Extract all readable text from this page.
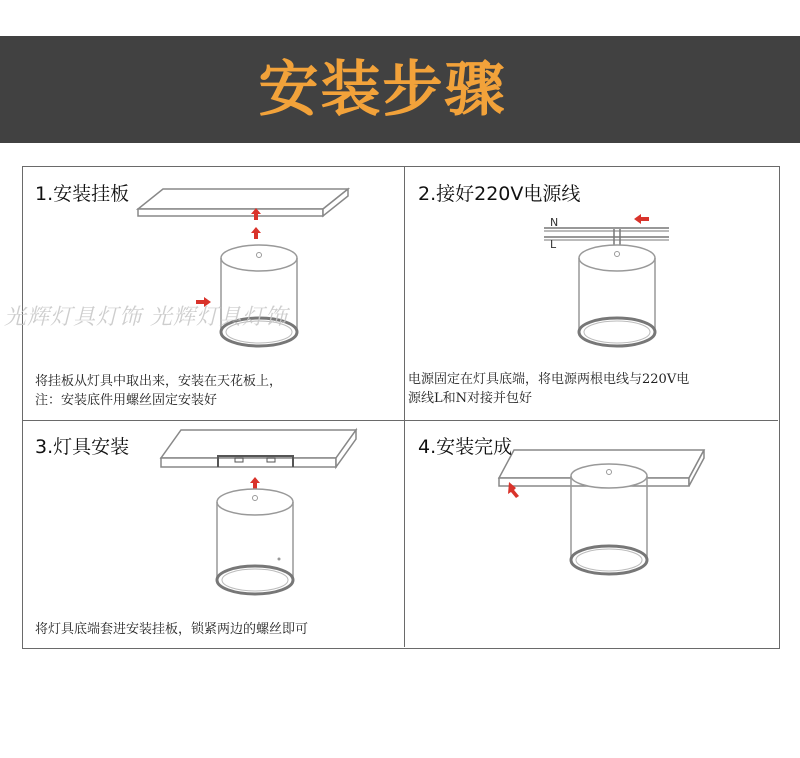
安装步骤
1.安装挂板
将挂板从灯具中取出来，安装在天花板上，
注：安装底件用螺丝固定安装好
N
L
2.接好220V电源线
电源固定在灯具底端，将电源两根电线与220V电
源线L和N对接并包好
3.灯具安装
将灯具底端套进安装挂板，锁紧两边的螺丝即可
4.安装完成
光辉灯具灯饰 光辉灯具灯饰
